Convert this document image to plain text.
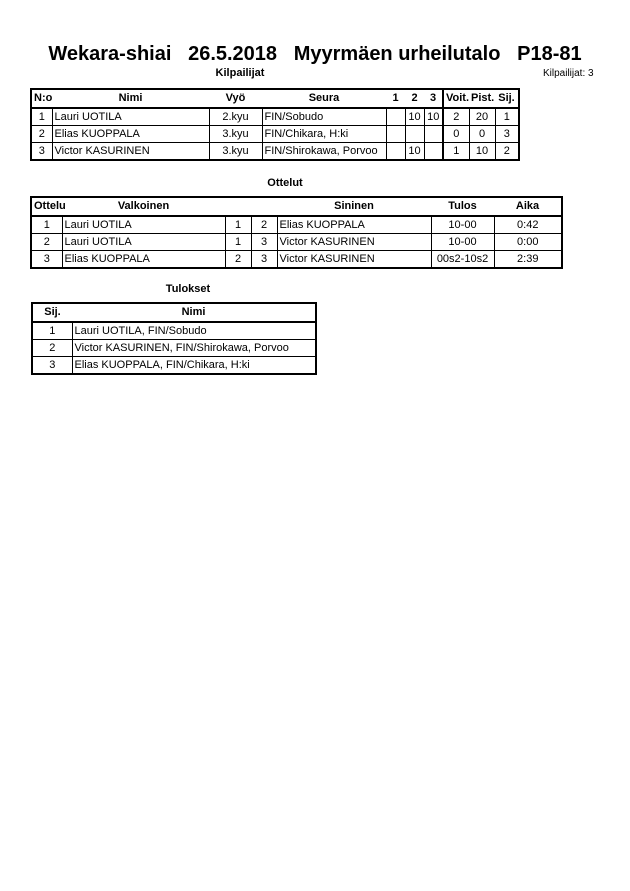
Wekara-shiai   26.5.2018   Myyrmäen urheilutalo   P18-81
Kilpailijat	Kilpailijat: 3
N:o	Nimi	Vyö	Seura	1	2	3	Voit.	Pist.	Sij.
1	Lauri UOTILA	2.kyu	FIN/Sobudo		10	10	2	20	1
2	Elias KUOPPALA	3.kyu	FIN/Chikara, H:ki				0	0	3
3	Victor KASURINEN	3.kyu	FIN/Shirokawa, Porvoo		10		1	10	2
Ottelut
Ottelu	Valkoinen			Sininen	Tulos	Aika
1	Lauri UOTILA	1	2	Elias KUOPPALA	10-00	0:42
2	Lauri UOTILA	1	3	Victor KASURINEN	10-00	0:00
3	Elias KUOPPALA	2	3	Victor KASURINEN	00s2-10s2	2:39
Tulokset
Sij.	Nimi
1	Lauri UOTILA, FIN/Sobudo
2	Victor KASURINEN, FIN/Shirokawa, Porvoo
3	Elias KUOPPALA, FIN/Chikara, H:ki
